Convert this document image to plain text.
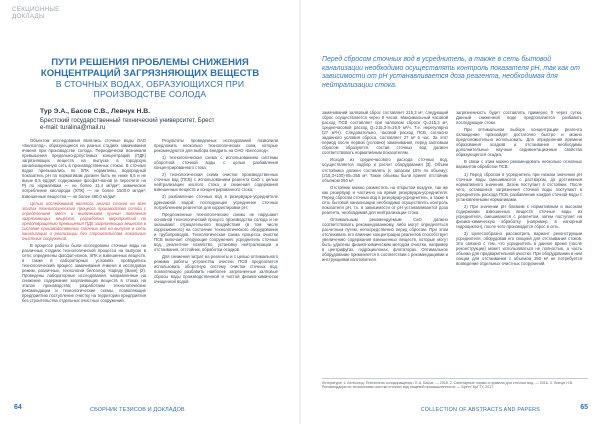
СЕКЦИОННЫЕ ДОКЛАДЫ
ПУТИ РЕШЕНИЯ ПРОБЛЕМЫ СНИЖЕНИЯ КОНЦЕНТРАЦИЙ ЗАГРЯЗНЯЮЩИХ ВЕЩЕСТВ
В СТОЧНЫХ ВОДАХ, ОБРАЗУЮЩИХСЯ ПРИ ПРОИЗВОДСТВЕ СОЛОДА
Тур Э.А., Басов С.В., Левчук Н.В.
Брестский государственный технический университет, Брест
e-mail: turalina@mail.ru

Объектом исследования являлись сточные воды ОАО «Белсолод», образующиеся на разных стадиях замачивания ячменя при производстве солода. Периодически возникали превышения предельно-допустимых концентраций (ПДК) загрязняющих веществ на выпуске в городскую канализационную сеть в производственных стоках. В сточных водах превышались по ХПК нормативы, водородный показатель pH по нормативам должен быть не ниже 6,5 и не выше 8,5 ед/дм³; содержание фосфат-ионов (в пересчете на P) по нормативам — не более 11,4 мг/дм³; химическое потребление кислорода (ХПК) — не более 1500,0 мг/дм³; взвешенные вещества — не более 480,0 мг/дм³.

Целью исследований являлось анализ стоков на всех этапах технологического процесса производства солода с определением мест и выявлением причин появления загрязняющих веществ, разработка мероприятий по предотвращению превышения ПДК загрязняющих веществ в системе производственных сточных вод на выпуске в сеть канализации и реализации без строительства локальных очистных сооружений.

В процессе работы были исследованы сточные воды на различных стадиях технологической процесса на выпуске в сети; определены фосфат-ионов, ХПК и взвешенных веществ, в также в лабораторных условиях проводились технологический процесс замачивания ячменя и исследован режим, различных, технологии белсолод. Наряду [Ванн] (2). Проведены лабораторные исследования, направленные на снижение содержания загрязняющих веществ в стоках на этапах производства; разработаны технологические рекомендации и технологические схемы, позволяющие предприятию поступление очистку на территории предприятия без строительства отдельных очистных сооружений.

Результаты проведенных исследований позволили предложить несколько технологических схем, которые рекомендуются для выбора внедрить на ОАО «Белсолод»:

1) технологическая схема с использованием системы оборотной сточной воды с целью разбавления концентрированного стока;

2) технологическая схема очистки производственных сточных вод (ПСВ) с использованием реагента CaO с целью нейтрализации кислого стока и снижения содержания взвешенных веществ и концентрированного стока;

3) разбавление сточных вод в резервуаре-усреднителе дренажной водой; последующее усреднение сточных потреблением реагентов для корректировки pH;

Предложенные технологические схемы не нарушают основной технологический процесс производства солода и не оказывают отрицательного воздействия (в том числе коррозионного) на состояние технологического оборудования и трубопроводов. Технологическая схема процесса очистки ПСВ включает следующие сооружения: усреднитель сточных вод, реагентное хозяйство, установку нейтрализации и отстаивания, отстойник, обработки осадков.

Для снижения затрат на реагенты и с целью оптимального режима работы устроиства очистки ПСВ предлагается использовать оборотную систему очистки сточных вод, позволяющую разбавить наиболее загрязненные залповые сбросы воды производственной и чистой физико-химически очищенной водой.

64	СБОРНИК ТЕЗИСОВ И ДОКЛАДОВ
Перед сбросом сточных вод в усреднитель, а также в сеть бытовой канализации необходимо осуществлять контроль показателя pH, так как от зависимости от pH устанавливается доза реагента, необходимая для нейтрализации стока.

замачиваний залповый сброс составляет 215,3 м³, следующий сброс осуществляется через 8 часов. Максимальный часовой расход ПСВ составляет при залповом сбросе Q=215,3 м³, среднечасовой расход Q=215,3·8=26,9 м³/ч. Т.е. нерегулярно (27 м³/ч). Следовательно, часовой расход ПСВ, согласно заданного условия сброса, составляет 27 м³ в час. За этот период после первой (условно) замачивания, перед залповым сбросом образуются, состав сточных вод должен соответствовать нормативным показателям.

Исходя из среднечасового расхода сточных вод, осуществляется подбор и расчет оборудования [3]. Объем отстойника должен составлять (с запасом 15% по объему): (215,3+100)·85=255 м³. Такие объемы были принят отстойник объемом 250 м³.

Отстойник можно разместить на открытом воздухе, так же как резервуар и частично на время резервуара-усреднителя. Перед сбросом сточных вод в резервуар-усреднитель, а также в сеть бытовой канализации необходимо осуществлять контроль показателя pH, т.к. в зависимости от pH устанавливается доза реагента, необходимая для нейтрализации стока.

Оптимальным рекомендуемым CaO должно соответствовать рекомендованному, либо могут определяться расчетным путем, непосредственно перед сбросом. При этом отслеживать его влияние концентрации реагентов способствует увеличению содержания взвешенных веществ, которые могут быть удалены физико-химическим методом очистки, например в центрифугах, гидроциклонах, флотаторах. Оптимальное оборудование применяется в соответствии с рекомендациями и инструкциями изготовителя.

загрязненность будет составлять примерно 0 через сутки. Данный сниженной воде предполагается разбавить последующие стоки.

При оптимальном выборе концентрации реагента охлаждение произойдет достаточно быстро и можно предположительно использовать. Для определения времени образования осадков и отстаивания необходимы дополнительные научные седиментационные свойства образующегося осадка.

В связи с этим можно рекомендовать несколько основных вариантов обработки ПСВ:

1) Перед сбросом в усреднитель при низком значении pH сточные воды смешиваются с раствором, до достижения нормативного значения. Затем поступает в отстойник. После чего, оставшиеся загрязнения сточной воды поступают в усреднитель расхода ПСВ, разбавление каждой сточной воды с установленными нормативами.

2) При значении pH близким к нормативным и высоком содержании взвешенных веществ сточные воды из усреднителя, смешиваются с реагентом, затем поступает на физико-химическую обработку (например, в напорный гидроциклон), после чего производится сброс в сеть.

3) Целесообразно рассмотреть вариант реконструкции усреднителя, оборудовав его секцией для отстаивания стоков. Это связано с тем, что усреднитель в данное время (после реконструкции) может использоваться не полностью, а часть объема для предварительной очистки. При оборудовании в нем секции для отстаивания с объемом 250 м³ не потребуется возведение отдельных очистных сооружений.

Литература: 1. Белсолод. Технология солодоращения / Е.А. Басов. — 2018. 2. Санитарные нормы и правила для сточных вод. — 2016. 3. Левчук Н.В. Рекомендации по технологиям очистки сточных вод пищевой промышленности. — Брест, БрГТУ, 2017.
COLLECTION OF ABSTRACTS AND PAPERS	65
